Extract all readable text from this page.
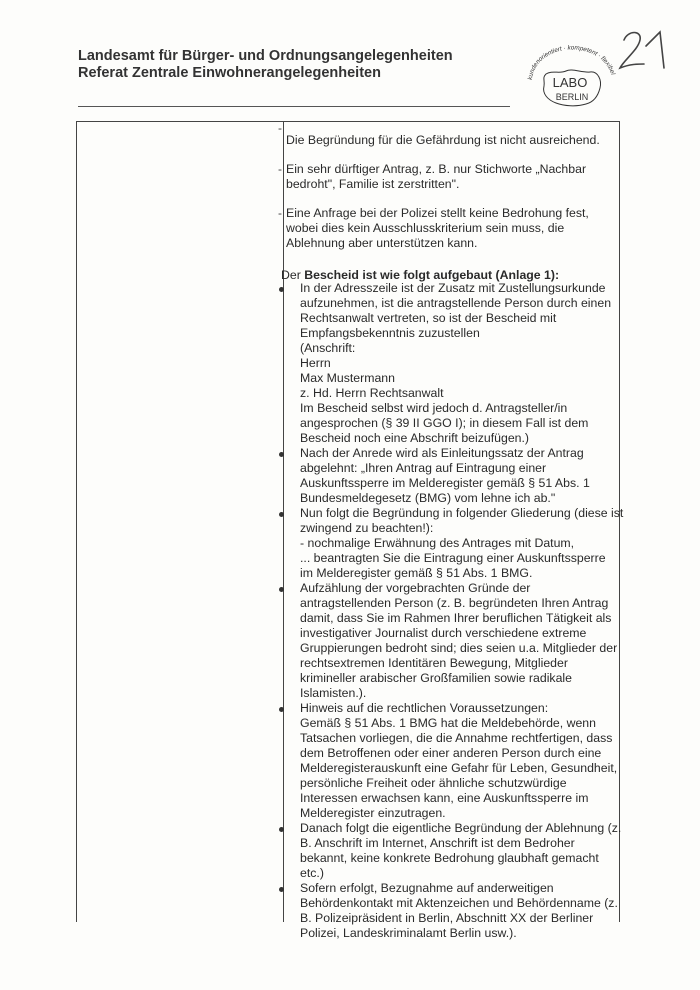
Landesamt für Bürger- und Ordnungsangelegenheiten
Referat Zentrale Einwohnerangelegenheiten	kundenorientiert · kompetent · flexibel
LABO
BERLIN
-

Die Begründung für die Gefährdung ist nicht ausreichend.

- Ein sehr dürftiger Antrag, z. B. nur Stichworte „Nachbar
bedroht", Familie ist zerstritten".

- Eine Anfrage bei der Polizei stellt keine Bedrohung fest,
wobei dies kein Ausschlusskriterium sein muss, die
Ablehnung aber unterstützen kann.

Der Bescheid ist wie folgt aufgebaut (Anlage 1):
In der Adresszeile ist der Zusatz mit Zustellungsurkunde
aufzunehmen, ist die antragstellende Person durch einen
Rechtsanwalt vertreten, so ist der Bescheid mit
Empfangsbekenntnis zuzustellen
(Anschrift:
Herrn
Max Mustermann
z. Hd. Herrn Rechtsanwalt
Im Bescheid selbst wird jedoch d. Antragsteller/in
angesprochen (§ 39 II GGO I); in diesem Fall ist dem
Bescheid noch eine Abschrift beizufügen.)
Nach der Anrede wird als Einleitungssatz der Antrag
abgelehnt: „Ihren Antrag auf Eintragung einer
Auskunftssperre im Melderegister gemäß § 51 Abs. 1
Bundesmeldegesetz (BMG) vom lehne ich ab."
Nun folgt die Begründung in folgender Gliederung (diese ist
zwingend zu beachten!):
- nochmalige Erwähnung des Antrages mit Datum,
... beantragten Sie die Eintragung einer Auskunftssperre
im Melderegister gemäß § 51 Abs. 1 BMG.
Aufzählung der vorgebrachten Gründe der
antragstellenden Person (z. B. begründeten Ihren Antrag
damit, dass Sie im Rahmen Ihrer beruflichen Tätigkeit als
investigativer Journalist durch verschiedene extreme
Gruppierungen bedroht sind; dies seien u.a. Mitglieder der
rechtsextremen Identitären Bewegung, Mitglieder
krimineller arabischer Großfamilien sowie radikale
Islamisten.).
Hinweis auf die rechtlichen Voraussetzungen:
Gemäß § 51 Abs. 1 BMG hat die Meldebehörde, wenn
Tatsachen vorliegen, die die Annahme rechtfertigen, dass
dem Betroffenen oder einer anderen Person durch eine
Melderegisterauskunft eine Gefahr für Leben, Gesundheit,
persönliche Freiheit oder ähnliche schutzwürdige
Interessen erwachsen kann, eine Auskunftssperre im
Melderegister einzutragen.
Danach folgt die eigentliche Begründung der Ablehnung (z.
B. Anschrift im Internet, Anschrift ist dem Bedroher
bekannt, keine konkrete Bedrohung glaubhaft gemacht
etc.)
Sofern erfolgt, Bezugnahme auf anderweitigen
Behördenkontakt mit Aktenzeichen und Behördenname (z.
B. Polizeipräsident in Berlin, Abschnitt XX der Berliner
Polizei, Landeskriminalamt Berlin usw.).
